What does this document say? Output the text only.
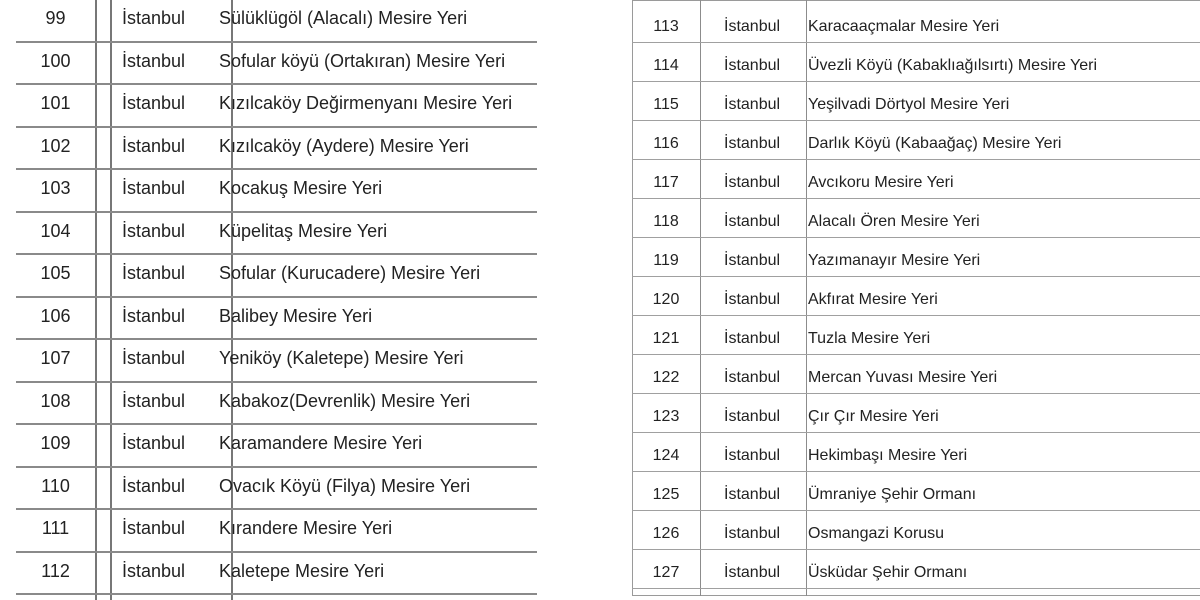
99	İstanbul Sülüklügöl (Alacalı) Mesire Yeri
100	İstanbul Sofular köyü (Ortakıran) Mesire Yeri
101	İstanbul Kızılcaköy Değirmenyanı Mesire Yeri
102	İstanbul Kızılcaköy (Aydere) Mesire Yeri
103	İstanbul Kocakuş Mesire Yeri
104	İstanbul Küpelitaş Mesire Yeri
105	İstanbul Sofular (Kurucadere) Mesire Yeri
106	İstanbul Balibey Mesire Yeri
107	İstanbul Yeniköy (Kaletepe) Mesire Yeri
108	İstanbul Kabakoz(Devrenlik) Mesire Yeri
109	İstanbul Karamandere Mesire Yeri
110	İstanbul Ovacık Köyü (Filya) Mesire Yeri
111	İstanbul Kırandere Mesire Yeri
112	İstanbul Kaletepe Mesire Yeri
113	İstanbul Karacaaçmalar Mesire Yeri
114	İstanbul Üvezli Köyü (Kabaklıağılsırtı) Mesire Yeri
115	İstanbul Yeşilvadi Dörtyol Mesire Yeri
116	İstanbul Darlık Köyü (Kabaağaç) Mesire Yeri
117	İstanbul Avcıkoru Mesire Yeri
118	İstanbul Alacalı Ören Mesire Yeri
119	İstanbul Yazımanayır Mesire Yeri
120	İstanbul Akfırat Mesire Yeri
121	İstanbul Tuzla Mesire Yeri
122	İstanbul Mercan Yuvası Mesire Yeri
123	İstanbul Çır Çır Mesire Yeri
124	İstanbul Hekimbaşı Mesire Yeri
125	İstanbul Ümraniye Şehir Ormanı
126	İstanbul Osmangazi Korusu
127	İstanbul Üsküdar Şehir Ormanı
